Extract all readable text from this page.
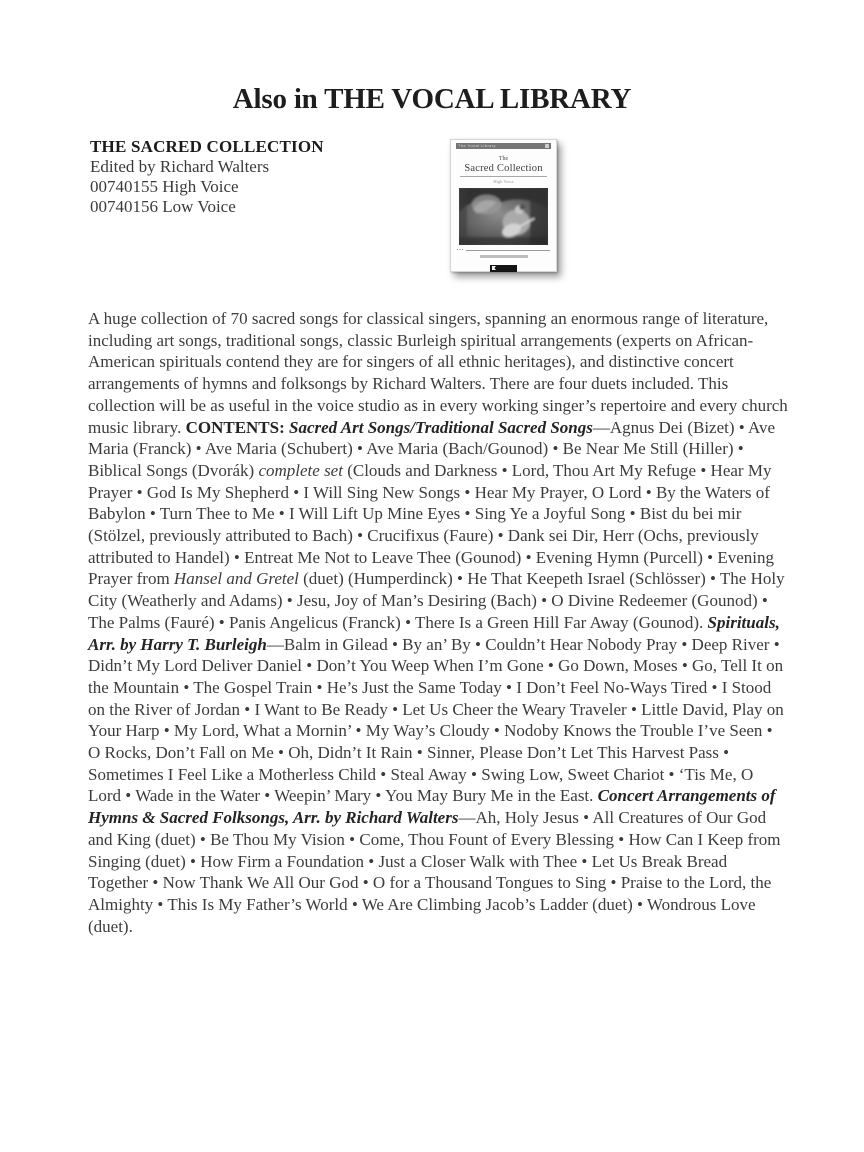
Also in THE VOCAL LIBRARY
THE SACRED COLLECTION
Edited by Richard Walters
00740155 High Voice
00740156 Low Voice
The Vocal Library
The
Sacred Collection
High Voice
•••

A huge collection of 70 sacred songs for classical singers, spanning an enormous range of literature, including art songs, traditional songs, classic Burleigh spiritual arrangements (experts on African-American spirituals contend they are for singers of all ethnic heritages), and distinctive concert arrangements of hymns and folksongs by Richard Walters. There are four duets included. This collection will be as useful in the voice studio as in every working singer’s repertoire and every church music library. CONTENTS: Sacred Art Songs/Traditional Sacred Songs—Agnus Dei (Bizet) • Ave Maria (Franck) • Ave Maria (Schubert) • Ave Maria (Bach/Gounod) • Be Near Me Still (Hiller) • Biblical Songs (Dvorák) complete set (Clouds and Darkness • Lord, Thou Art My Refuge • Hear My Prayer • God Is My Shepherd • I Will Sing New Songs • Hear My Prayer, O Lord • By the Waters of Babylon • Turn Thee to Me • I Will Lift Up Mine Eyes • Sing Ye a Joyful Song • Bist du bei mir (Stölzel, previously attributed to Bach) • Crucifixus (Faure) • Dank sei Dir, Herr (Ochs, previously attributed to Handel) • Entreat Me Not to Leave Thee (Gounod) • Evening Hymn (Purcell) • Evening Prayer from Hansel and Gretel (duet) (Humperdinck) • He That Keepeth Israel (Schlösser) • The Holy City (Weatherly and Adams) • Jesu, Joy of Man’s Desiring (Bach) • O Divine Redeemer (Gounod) • The Palms (Fauré) • Panis Angelicus (Franck) • There Is a Green Hill Far Away (Gounod). Spirituals, Arr. by Harry T. Burleigh—Balm in Gilead • By an’ By • Couldn’t Hear Nobody Pray • Deep River • Didn’t My Lord Deliver Daniel • Don’t You Weep When I’m Gone • Go Down, Moses • Go, Tell It on the Mountain • The Gospel Train • He’s Just the Same Today • I Don’t Feel No-Ways Tired • I Stood on the River of Jordan • I Want to Be Ready • Let Us Cheer the Weary Traveler • Little David, Play on Your Harp • My Lord, What a Mornin’ • My Way’s Cloudy • Nodoby Knows the Trouble I’ve Seen • O Rocks, Don’t Fall on Me • Oh, Didn’t It Rain • Sinner, Please Don’t Let This Harvest Pass • Sometimes I Feel Like a Motherless Child • Steal Away • Swing Low, Sweet Chariot • ‘Tis Me, O Lord • Wade in the Water • Weepin’ Mary • You May Bury Me in the East. Concert Arrangements of Hymns & Sacred Folksongs, Arr. by Richard Walters—Ah, Holy Jesus • All Creatures of Our God and King (duet) • Be Thou My Vision • Come, Thou Fount of Every Blessing • How Can I Keep from Singing (duet) • How Firm a Foundation • Just a Closer Walk with Thee • Let Us Break Bread Together • Now Thank We All Our God • O for a Thousand Tongues to Sing • Praise to the Lord, the Almighty • This Is My Father’s World • We Are Climbing Jacob’s Ladder (duet) • Wondrous Love (duet).
